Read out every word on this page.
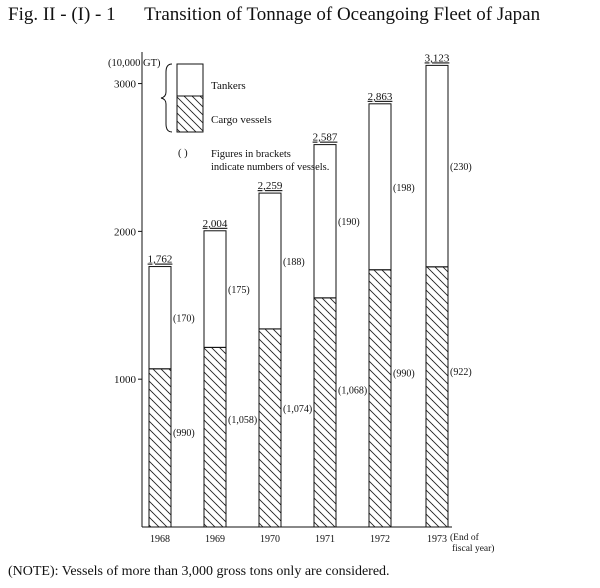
Fig. II - (I) - 1 Transition of Tonnage of Oceangoing Fleet of Japan
1000
2000
3000
(10,000 GT)
1,762
(170)
(990)
1968
2,004
(175)
(1,058)
1969
2,259
(188)
(1,074)
1970
2,587
(190)
(1,068)
1971
2,863
(198)
(990)
1972
3,123
(230)
(922)
1973 (End of
fiscal year)
Tankers
Cargo vessels
( ) Figures in brackets
indicate numbers of vessels.
(NOTE): Vessels of more than 3,000 gross tons only are considered.
